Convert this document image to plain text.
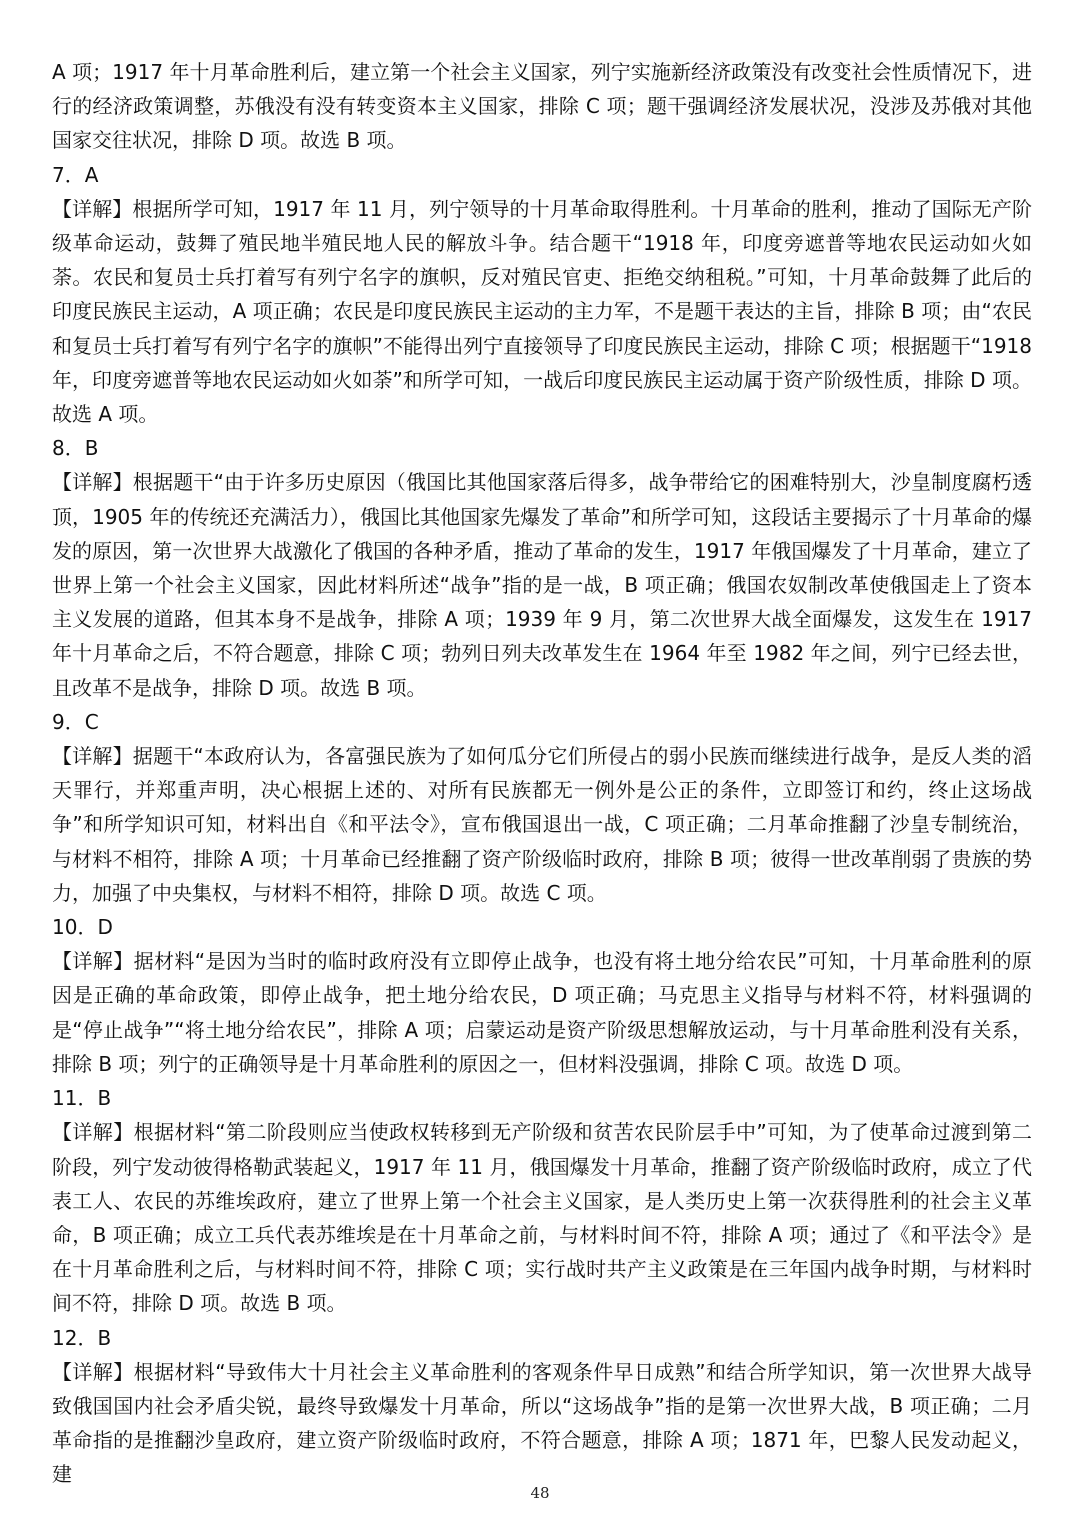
A 项；1917 年十月革命胜利后，建立第一个社会主义国家，列宁实施新经济政策没有改变社会性质情况下，进行的经济政策调整，苏俄没有没有转变资本主义国家，排除 C 项；题干强调经济发展状况，没涉及苏俄对其他国家交往状况，排除 D 项。故选 B 项。

7．A

【详解】根据所学可知，1917 年 11 月，列宁领导的十月革命取得胜利。十月革命的胜利，推动了国际无产阶级革命运动，鼓舞了殖民地半殖民地人民的解放斗争。结合题干“1918 年，印度旁遮普等地农民运动如火如荼。农民和复员士兵打着写有列宁名字的旗帜，反对殖民官吏、拒绝交纳租税。”可知，十月革命鼓舞了此后的印度民族民主运动，A 项正确；农民是印度民族民主运动的主力军，不是题干表达的主旨，排除 B 项；由“农民和复员士兵打着写有列宁名字的旗帜”不能得出列宁直接领导了印度民族民主运动，排除 C 项；根据题干“1918 年，印度旁遮普等地农民运动如火如荼”和所学可知，一战后印度民族民主运动属于资产阶级性质，排除 D 项。故选 A 项。

8．B

【详解】根据题干“由于许多历史原因（俄国比其他国家落后得多，战争带给它的困难特别大，沙皇制度腐朽透顶，1905 年的传统还充满活力），俄国比其他国家先爆发了革命”和所学可知，这段话主要揭示了十月革命的爆发的原因，第一次世界大战激化了俄国的各种矛盾，推动了革命的发生，1917 年俄国爆发了十月革命，建立了世界上第一个社会主义国家，因此材料所述“战争”指的是一战，B 项正确；俄国农奴制改革使俄国走上了资本主义发展的道路，但其本身不是战争，排除 A 项；1939 年 9 月，第二次世界大战全面爆发，这发生在 1917 年十月革命之后，不符合题意，排除 C 项；勃列日列夫改革发生在 1964 年至 1982 年之间，列宁已经去世，且改革不是战争，排除 D 项。故选 B 项。

9．C

【详解】据题干“本政府认为，各富强民族为了如何瓜分它们所侵占的弱小民族而继续进行战争，是反人类的滔天罪行，并郑重声明，决心根据上述的、对所有民族都无一例外是公正的条件，立即签订和约，终止这场战争”和所学知识可知，材料出自《和平法令》，宣布俄国退出一战，C 项正确；二月革命推翻了沙皇专制统治，与材料不相符，排除 A 项；十月革命已经推翻了资产阶级临时政府，排除 B 项；彼得一世改革削弱了贵族的势力，加强了中央集权，与材料不相符，排除 D 项。故选 C 项。

10．D

【详解】据材料“是因为当时的临时政府没有立即停止战争，也没有将土地分给农民”可知，十月革命胜利的原因是正确的革命政策，即停止战争，把土地分给农民，D 项正确；马克思主义指导与材料不符，材料强调的是“停止战争”“将土地分给农民”，排除 A 项；启蒙运动是资产阶级思想解放运动，与十月革命胜利没有关系，排除 B 项；列宁的正确领导是十月革命胜利的原因之一，但材料没强调，排除 C 项。故选 D 项。

11．B

【详解】根据材料“第二阶段则应当使政权转移到无产阶级和贫苦农民阶层手中”可知，为了使革命过渡到第二阶段，列宁发动彼得格勒武装起义，1917 年 11 月，俄国爆发十月革命，推翻了资产阶级临时政府，成立了代表工人、农民的苏维埃政府，建立了世界上第一个社会主义国家，是人类历史上第一次获得胜利的社会主义革命，B 项正确；成立工兵代表苏维埃是在十月革命之前，与材料时间不符，排除 A 项；通过了《和平法令》是在十月革命胜利之后，与材料时间不符，排除 C 项；实行战时共产主义政策是在三年国内战争时期，与材料时间不符，排除 D 项。故选 B 项。

12．B

【详解】根据材料“导致伟大十月社会主义革命胜利的客观条件早日成熟”和结合所学知识，第一次世界大战导致俄国国内社会矛盾尖锐，最终导致爆发十月革命，所以“这场战争”指的是第一次世界大战，B 项正确；二月革命指的是推翻沙皇政府，建立资产阶级临时政府，不符合题意，排除 A 项；1871 年，巴黎人民发动起义，建

48
